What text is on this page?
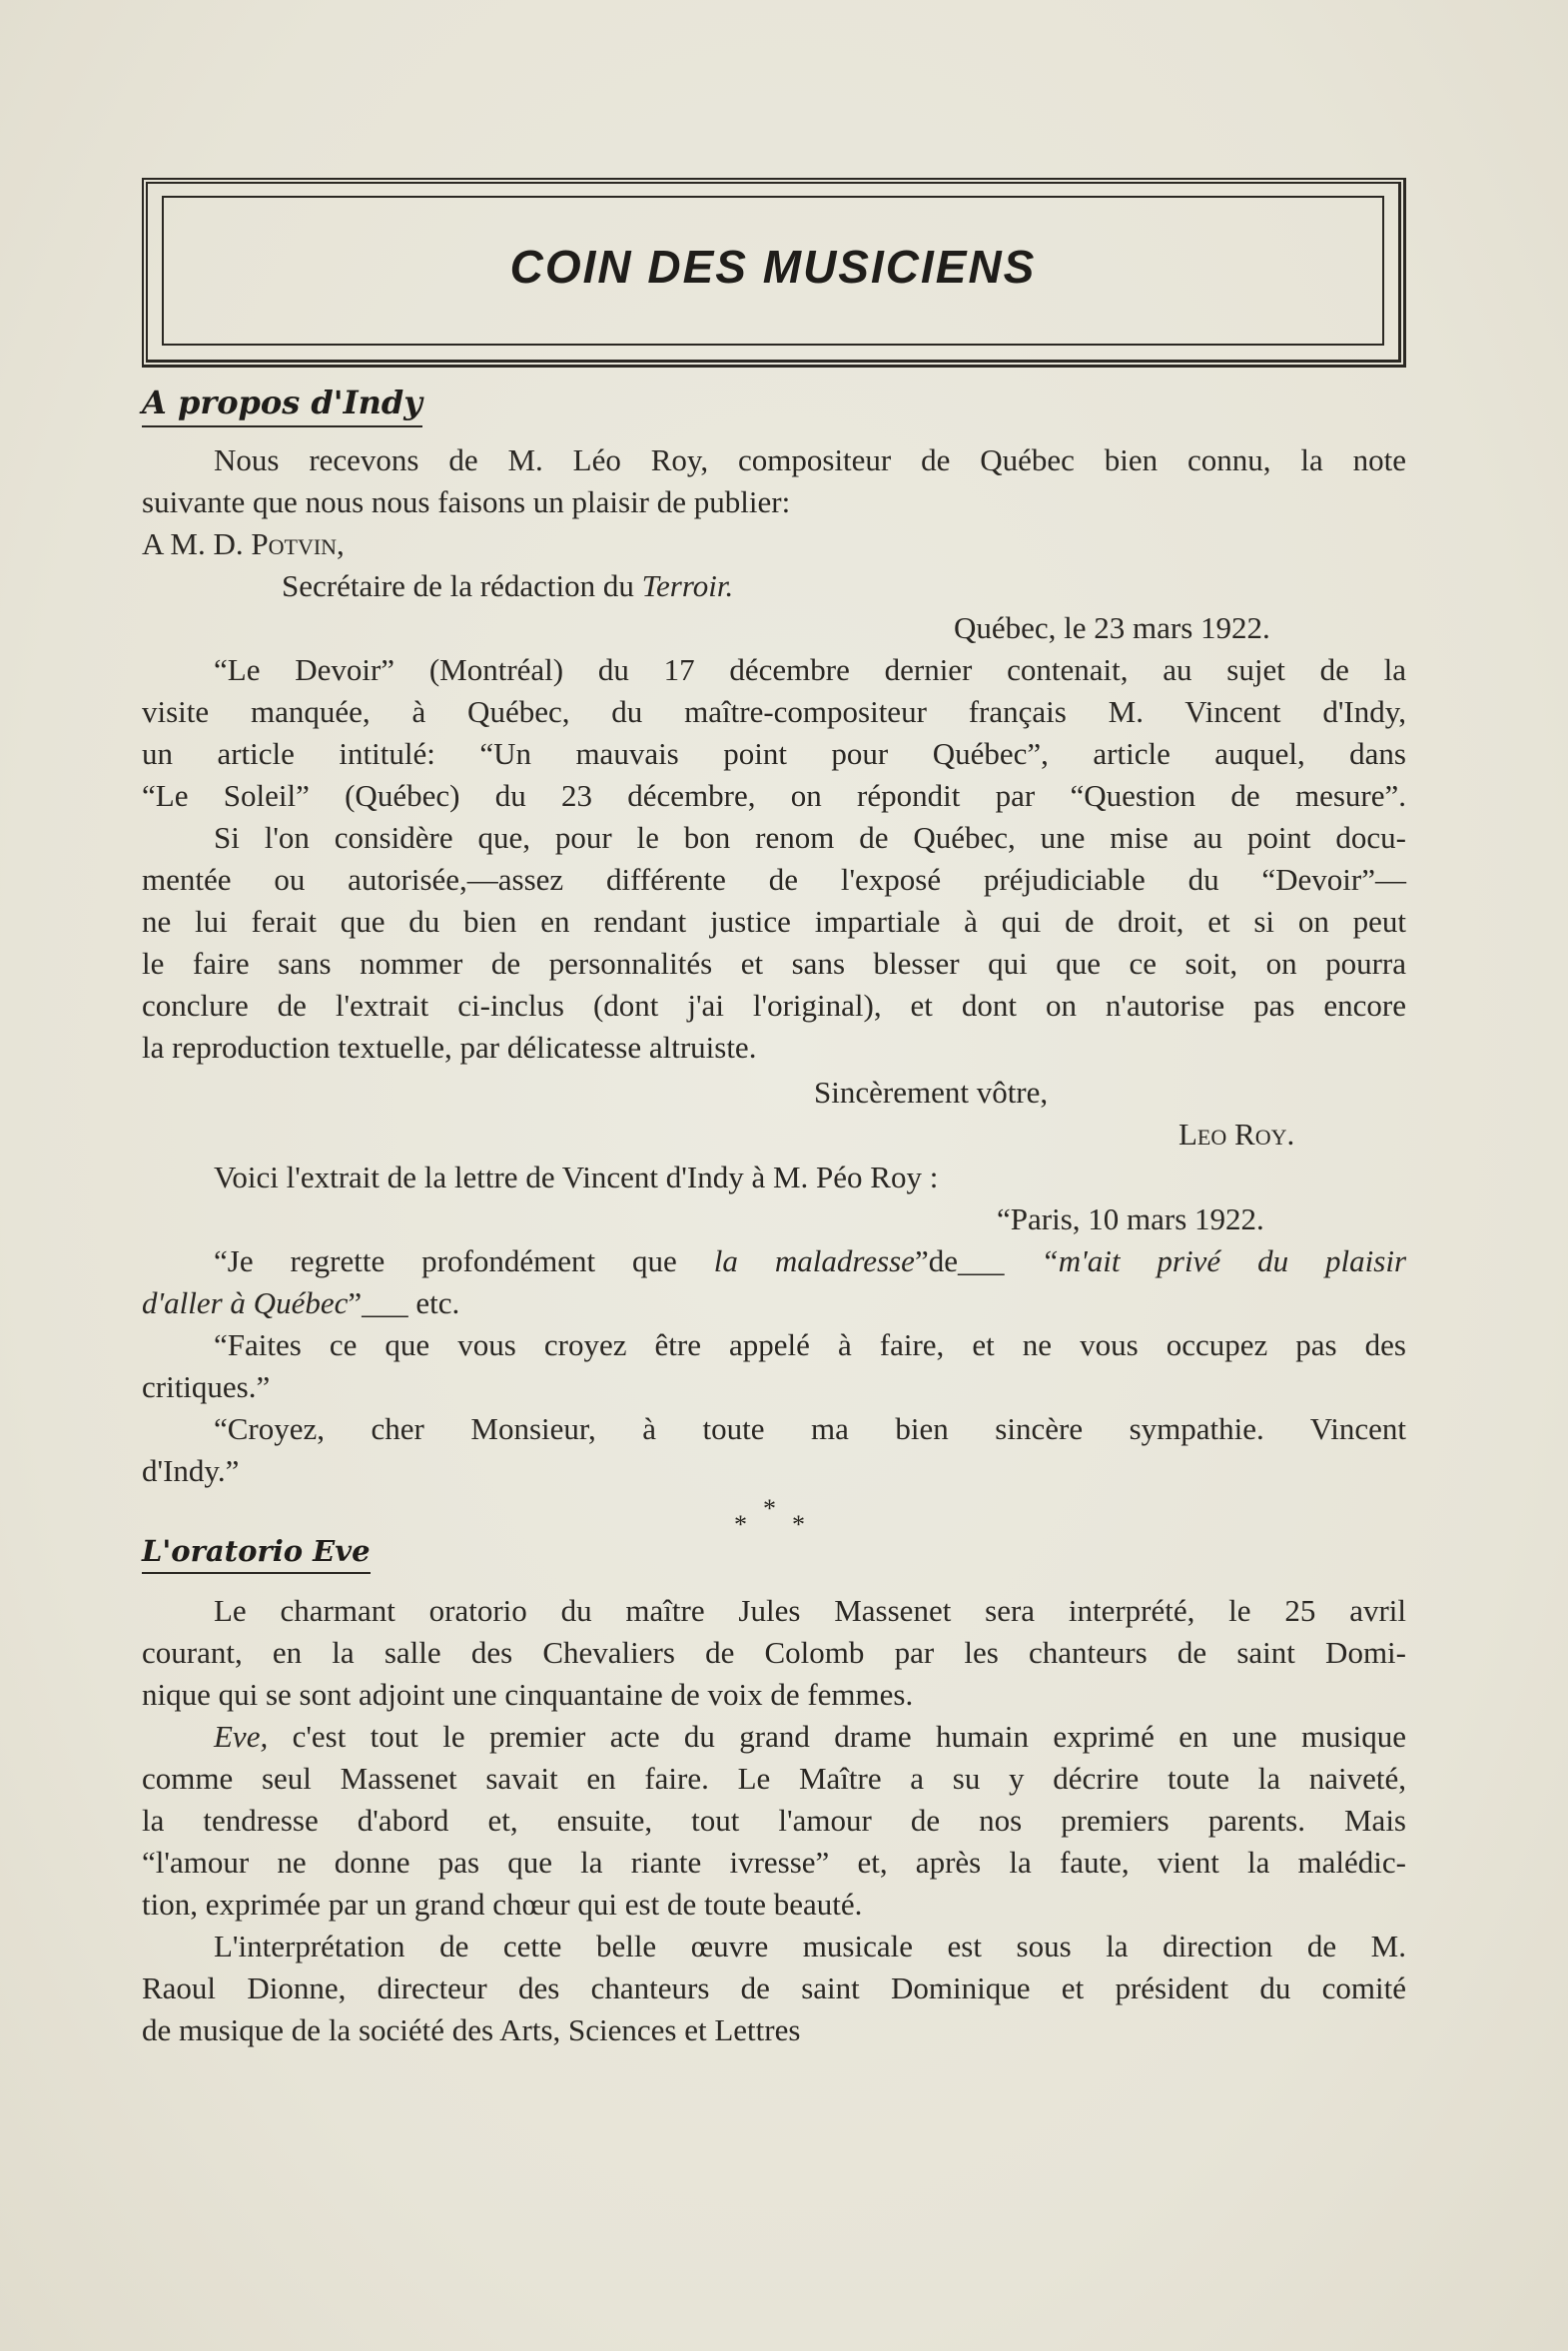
COIN DES MUSICIENS
A propos d'Indy
Nous recevons de M. Léo Roy, compositeur de Québec bien connu, la note
suivante que nous nous faisons un plaisir de publier:
A M. D. Potvin,
Secrétaire de la rédaction du Terroir.
Québec, le 23 mars 1922.
“Le Devoir” (Montréal) du 17 décembre dernier contenait, au sujet de la
visite manquée, à Québec, du maître-compositeur français M. Vincent d'Indy,
un article intitulé: “Un mauvais point pour Québec”, article auquel, dans
“Le Soleil” (Québec) du 23 décembre, on répondit par “Question de mesure”.
Si l'on considère que, pour le bon renom de Québec, une mise au point docu-
mentée ou autorisée,—assez différente de l'exposé préjudiciable du “Devoir”—
ne lui ferait que du bien en rendant justice impartiale à qui de droit, et si on peut
le faire sans nommer de personnalités et sans blesser qui que ce soit, on pourra
conclure de l'extrait ci-inclus (dont j'ai l'original), et dont on n'autorise pas encore
la reproduction textuelle, par délicatesse altruiste.
Sincèrement vôtre,
Leo Roy.
Voici l'extrait de la lettre de Vincent d'Indy à M. Péo Roy :
“Paris, 10 mars 1922.
“Je regrette profondément que la maladresse”de___ “m'ait privé du plaisir
d'aller à Québec”___ etc.
“Faites ce que vous croyez être appelé à faire, et ne vous occupez pas des
critiques.”
“Croyez, cher Monsieur, à toute ma bien sincère sympathie. Vincent
d'Indy.”
*
* *
L'oratorio Eve
Le charmant oratorio du maître Jules Massenet sera interprété, le 25 avril
courant, en la salle des Chevaliers de Colomb par les chanteurs de saint Domi-
nique qui se sont adjoint une cinquantaine de voix de femmes.
Eve, c'est tout le premier acte du grand drame humain exprimé en une musique
comme seul Massenet savait en faire. Le Maître a su y décrire toute la naiveté,
la tendresse d'abord et, ensuite, tout l'amour de nos premiers parents. Mais
“l'amour ne donne pas que la riante ivresse” et, après la faute, vient la malédic-
tion, exprimée par un grand chœur qui est de toute beauté.
L'interprétation de cette belle œuvre musicale est sous la direction de M.
Raoul Dionne, directeur des chanteurs de saint Dominique et président du comité
de musique de la société des Arts, Sciences et Lettres
